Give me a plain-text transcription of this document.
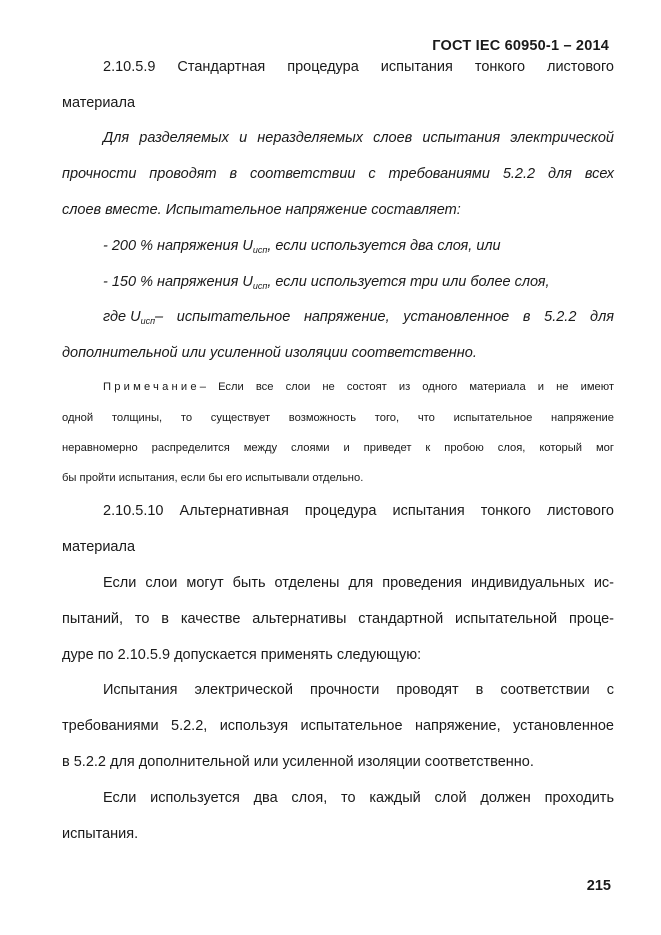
ГОСТ IEC 60950-1 – 2014
2.10.5.9 Стандартная процедура испытания тонкого листового
материала
Для разделяемых и неразделяемых слоев испытания электрической
прочности проводят в соответствии с требованиями 5.2.2 для всех
слоев вместе. Испытательное напряжение составляет:
- 200 % напряжения $U_{исп}$, если используется два слоя, или
- 150 % напряжения $U_{исп}$, если используется три или более слоя,
где $U_{исп}$ – испытательное напряжение, установленное в 5.2.2 для
дополнительной или усиленной изоляции соответственно.
Примечание – Если все слои не состоят из одного материала и не имеют
одной толщины, то существует возможность того, что испытательное напряжение
неравномерно распределится между слоями и приведет к пробою слоя, который мог
бы пройти испытания, если бы его испытывали отдельно.
2.10.5.10 Альтернативная процедура испытания тонкого листового
материала
Если слои могут быть отделены для проведения индивидуальных ис-
пытаний, то в качестве альтернативы стандартной испытательной проце-
дуре по 2.10.5.9 допускается применять следующую:
Испытания электрической прочности проводят в соответствии с
требованиями 5.2.2, используя испытательное напряжение, установленное
в 5.2.2 для дополнительной или усиленной изоляции соответственно.
Если используется два слоя, то каждый слой должен проходить
испытания.
215
